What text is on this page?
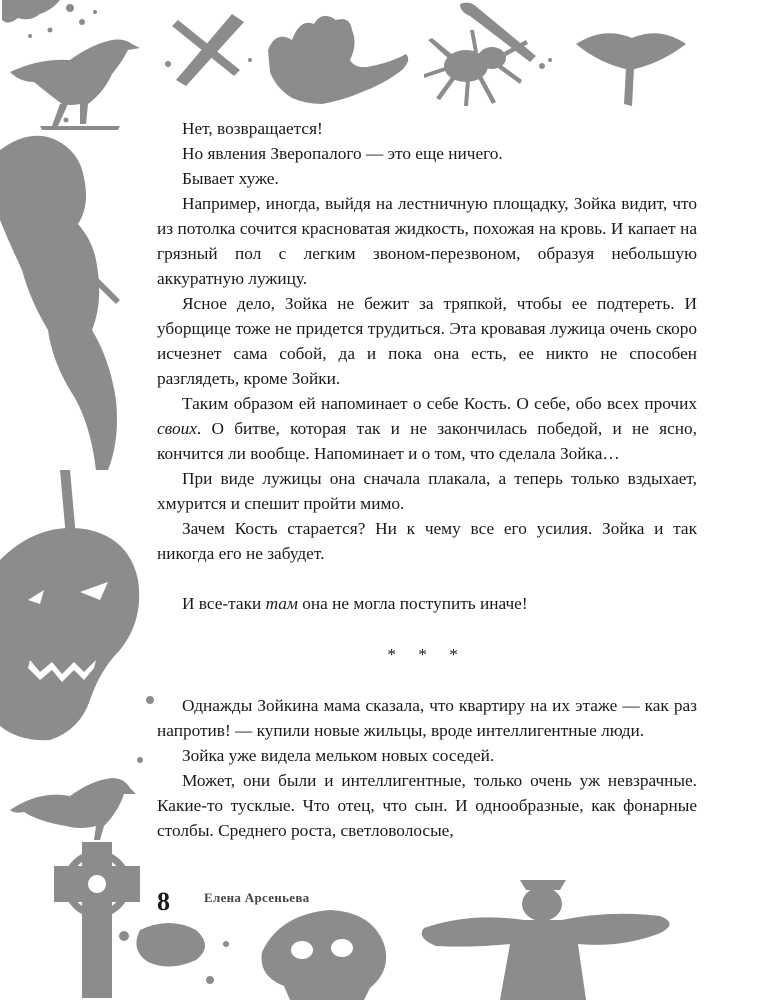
Нет, возвращается!

Но явления Зверопалого — это еще ничего.

Бывает хуже.

Например, иногда, выйдя на лестничную площадку, Зойка видит, что из потолка сочится красноватая жидкость, похожая на кровь. И капает на грязный пол с легким звоном-перезвоном, образуя небольшую аккуратную лужицу.

Ясное дело, Зойка не бежит за тряпкой, чтобы ее подтереть. И уборщице тоже не придется трудиться. Эта кровавая лужица очень скоро исчезнет сама собой, да и пока она есть, ее никто не способен разглядеть, кроме Зойки.

Таким образом ей напоминает о себе Кость. О себе, обо всех прочих своих. О битве, которая так и не закончилась победой, и не ясно, кончится ли вообще. Напоминает и о том, что сделала Зойка…

При виде лужицы она сначала плакала, а теперь только вздыхает, хмурится и спешит пройти мимо.

Зачем Кость старается? Ни к чему все его усилия. Зойка и так никогда его не забудет.

И все-таки там она не могла поступить иначе!

* * *

Однажды Зойкина мама сказала, что квартиру на их этаже — как раз напротив! — купили новые жильцы, вроде интеллигентные люди.

Зойка уже видела мельком новых соседей.

Может, они были и интеллигентные, только очень уж невзрачные. Какие-то тусклые. Что отец, что сын. И однообразные, как фонарные столбы. Среднего роста, светловолосые,

8	Елена Арсеньева
